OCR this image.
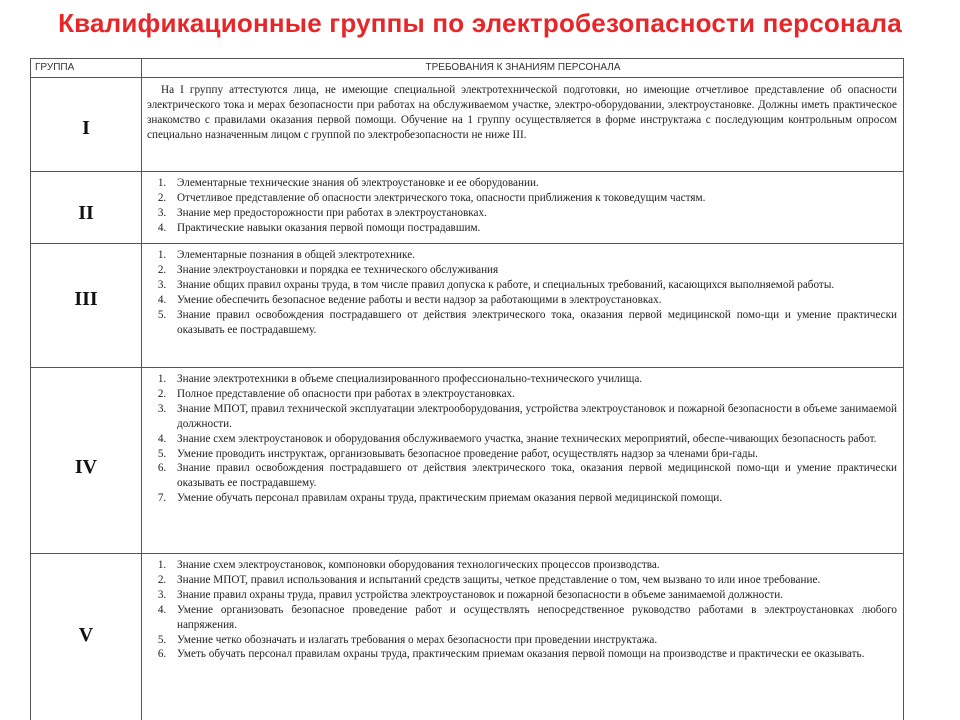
Квалификационные группы по электробезопасности персонала
ГРУППА	ТРЕБОВАНИЯ К ЗНАНИЯМ ПЕРСОНАЛА
I

На I группу аттестуются лица, не имеющие специальной электротехнической подготовки, но имеющие отчетливое представление об опасности электрического тока и мерах безопасности при работах на обслуживаемом участке, электро-оборудовании, электроустановке. Должны иметь практическое знакомство с правилами оказания первой помощи. Обучение на 1 группу осуществляется в форме инструктажа с последующим контрольным опросом специально назначенным лицом с группой по электробезопасности не ниже III.

II
1. Элементарные технические знания об электроустановке и ее оборудовании.
2. Отчетливое представление об опасности электрического тока, опасности приближения к токоведущим частям.
3. Знание мер предосторожности при работах в электроустановках.
4. Практические навыки оказания первой помощи пострадавшим.
III
1. Элементарные познания в общей электротехнике.
2. Знание электроустановки и порядка ее технического обслуживания
3. Знание общих правил охраны труда, в том числе правил допуска к работе, и специальных требований, касающихся выполняемой работы.
4. Умение обеспечить безопасное ведение работы и вести надзор за работающими в электроустановках.
5. Знание правил освобождения пострадавшего от действия электрического тока, оказания первой медицинской помо-щи и умение практически оказывать ее пострадавшему.
IV
1. Знание электротехники в объеме специализированного профессионально-технического училища.
2. Полное представление об опасности при работах в электроустановках.
3. Знание МПОТ, правил технической эксплуатации электрооборудования, устройства электроустановок и пожарной безопасности в объеме занимаемой должности.
4. Знание схем электроустановок и оборудования обслуживаемого участка, знание технических мероприятий, обеспе-чивающих безопасность работ.
5. Умение проводить инструктаж, организовывать безопасное проведение работ, осуществлять надзор за членами бри-гады.
6. Знание правил освобождения пострадавшего от действия электрического тока, оказания первой медицинской помо-щи и умение практически оказывать ее пострадавшему.
7. Умение обучать персонал правилам охраны труда, практическим приемам оказания первой медицинской помощи.
V
1. Знание схем электроустановок, компоновки оборудования технологических процессов производства.
2. Знание МПОТ, правил использования и испытаний средств защиты, четкое представление о том, чем вызвано то или иное требование.
3. Знание правил охраны труда, правил устройства электроустановок и пожарной безопасности в объеме занимаемой должности.
4. Умение организовать безопасное проведение работ и осуществлять непосредственное руководство работами в электроустановках любого напряжения.
5. Умение четко обозначать и излагать требования о мерах безопасности при проведении инструктажа.
6. Уметь обучать персонал правилам охраны труда, практическим приемам оказания первой помощи на производстве и практически ее оказывать.
